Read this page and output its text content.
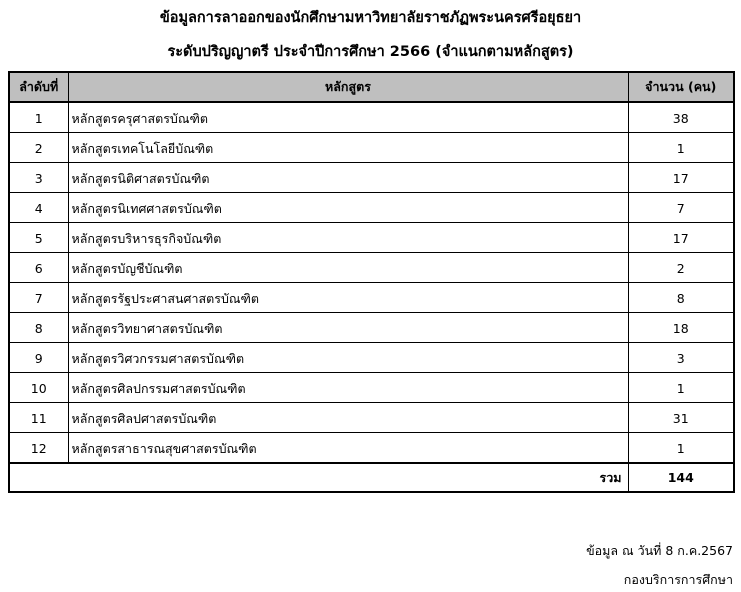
ข้อมูลการลาออกของนักศึกษามหาวิทยาลัยราชภัฏพระนครศรีอยุธยา
ระดับปริญญาตรี ประจำปีการศึกษา 2566 (จำแนกตามหลักสูตร)
ลำดับที่	หลักสูตร	จำนวน (คน)
1	หลักสูตรครุศาสตรบัณฑิต	38
2	หลักสูตรเทคโนโลยีบัณฑิต	1
3	หลักสูตรนิติศาสตรบัณฑิต	17
4	หลักสูตรนิเทศศาสตรบัณฑิต	7
5	หลักสูตรบริหารธุรกิจบัณฑิต	17
6	หลักสูตรบัญชีบัณฑิต	2
7	หลักสูตรรัฐประศาสนศาสตรบัณฑิต	8
8	หลักสูตรวิทยาศาสตรบัณฑิต	18
9	หลักสูตรวิศวกรรมศาสตรบัณฑิต	3
10	หลักสูตรศิลปกรรมศาสตรบัณฑิต	1
11	หลักสูตรศิลปศาสตรบัณฑิต	31
12	หลักสูตรสาธารณสุขศาสตรบัณฑิต	1
รวม		144
ข้อมูล ณ วันที่ 8 ก.ค.2567
กองบริการการศึกษา
